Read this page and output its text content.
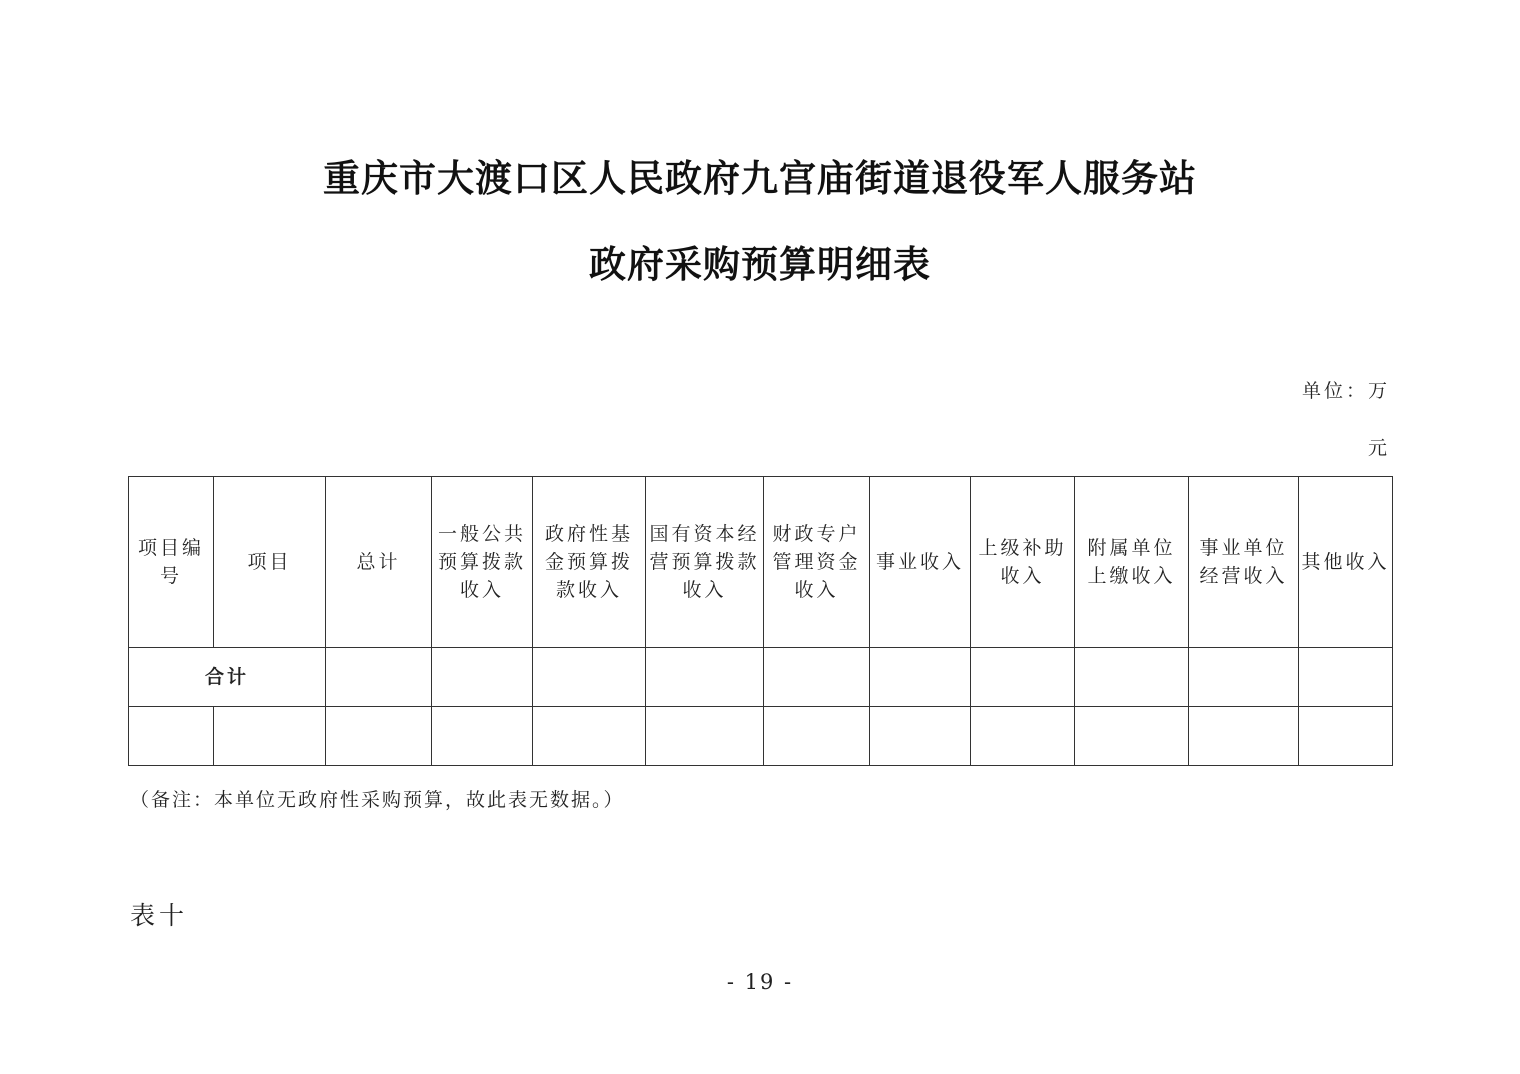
重庆市大渡口区人民政府九宫庙街道退役军人服务站
政府采购预算明细表
单位：万
元
项目编号	项目	总计	一般公共预算拨款收入	政府性基金预算拨款收入	国有资本经营预算拨款收入	财政专户管理资金收入	事业收入	上级补助收入	附属单位上缴收入	事业单位经营收入	其他收入
合计											

（备注：本单位无政府性采购预算，故此表无数据。）
表十
- 19 -
